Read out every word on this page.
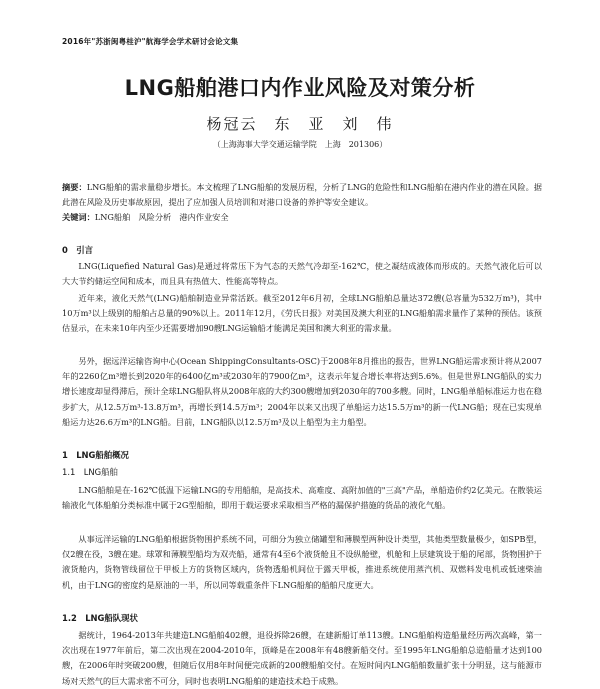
2016年"苏浙闽粤桂沪"航海学会学术研讨会论文集
LNG船舶港口内作业风险及对策分析
杨冠云　东　亚　刘　伟
（上海海事大学交通运输学院　上海　201306）
摘要：LNG船舶的需求量稳步增长。本文梳理了LNG船舶的发展历程，分析了LNG的危险性和LNG船舶在港内作业的潜在风险。据此潜在风险及历史事故原因，提出了应加强人员培训和对港口设备的养护等安全建议。
关键词：LNG船舶　风险分析　港内作业安全
0　引言
LNG(Liquefied Natural Gas)是通过将常压下为气态的天然气冷却至-162℃，使之凝结成液体而形成的。天然气液化后可以大大节约储运空间和成本，而且具有热值大、性能高等特点。
近年来，液化天然气(LNG)船舶制造业异常活跃。截至2012年6月初，全球LNG船舶总量达372艘(总容量为532万m³)，其中10万m³以上级别的船舶占总量的90%以上。2011年12月，《劳氏日报》对美国及澳大利亚的LNG船舶需求量作了某种的预估。该预估显示，在未来10年内至少还需要增加90艘LNG运输船才能满足美国和澳大利亚的需求量。
另外，据远洋运输咨询中心(Ocean ShippingConsultants-OSC)于2008年8月推出的报告，世界LNG船运需求预计将从2007年的2260亿m³增长到2020年的6400亿m³或2030年的7900亿m³，这表示年复合增长率将达到5.6%。但是世界LNG船队的实力增长速度却显得滞后，预计全球LNG船队将从2008年底的大约300艘增加到2030年的700多艘。同时，LNG船单船标准运力也在稳步扩大，从12.5万m³-13.8万m³，再增长到14.5万m³；2004年以来又出现了单船运力达15.5万m³的新一代LNG船；现在已实现单船运力达26.6万m³的LNG船。目前，LNG船队以12.5万m³及以上船型为主力船型。
1　LNG船舶概况
1.1　LNG船舶
LNG船舶是在-162℃低温下运输LNG的专用船舶，是高技术、高难度、高附加值的"三高"产品，单船造价约2亿美元。在散装运输液化气体船舶分类标准中属于2G型船舶，即用于载运要求采取相当严格的漏保护措施的货品的液化气船。
从事远洋运输的LNG船舶根据货物围护系统不同，可细分为独立储罐型和薄膜型两种设计类型，其他类型数量极少，如SPB型，仅2艘在役，3艘在建。球罩和薄膜型船均为双壳船，通常有4至6个液货舱且不设纵舱壁，机舱和上层建筑设于船的尾部，货物围护于液货舱内，货物管线留位于甲板上方的货物区域内，货物透船机间位于露天甲板，推进系统使用蒸汽机、双燃料发电机或低速柴油机，由于LNG的密度约是原油的一半，所以同等载重条件下LNG船舶的船舶尺度更大。
1.2　LNG船队现状
据统计，1964-2013年共建造LNG船舶402艘，退役拆除26艘，在建新船订单113艘。LNG船舶构造船量经历两次高峰，第一次出现在1977年前后，第二次出现在2004-2010年，顶峰是在2008年有48艘新船交付。至1995年LNG船舶总造船量才达到100艘，在2006年时突破200艘，但随后仅用8年时间便完成新的200艘船舶交付。在短时间内LNG船舶数量扩张十分明显，这与能源市场对天然气的巨大需求密不可分，同时也表明LNG船舶的建造技术趋于成熟。
